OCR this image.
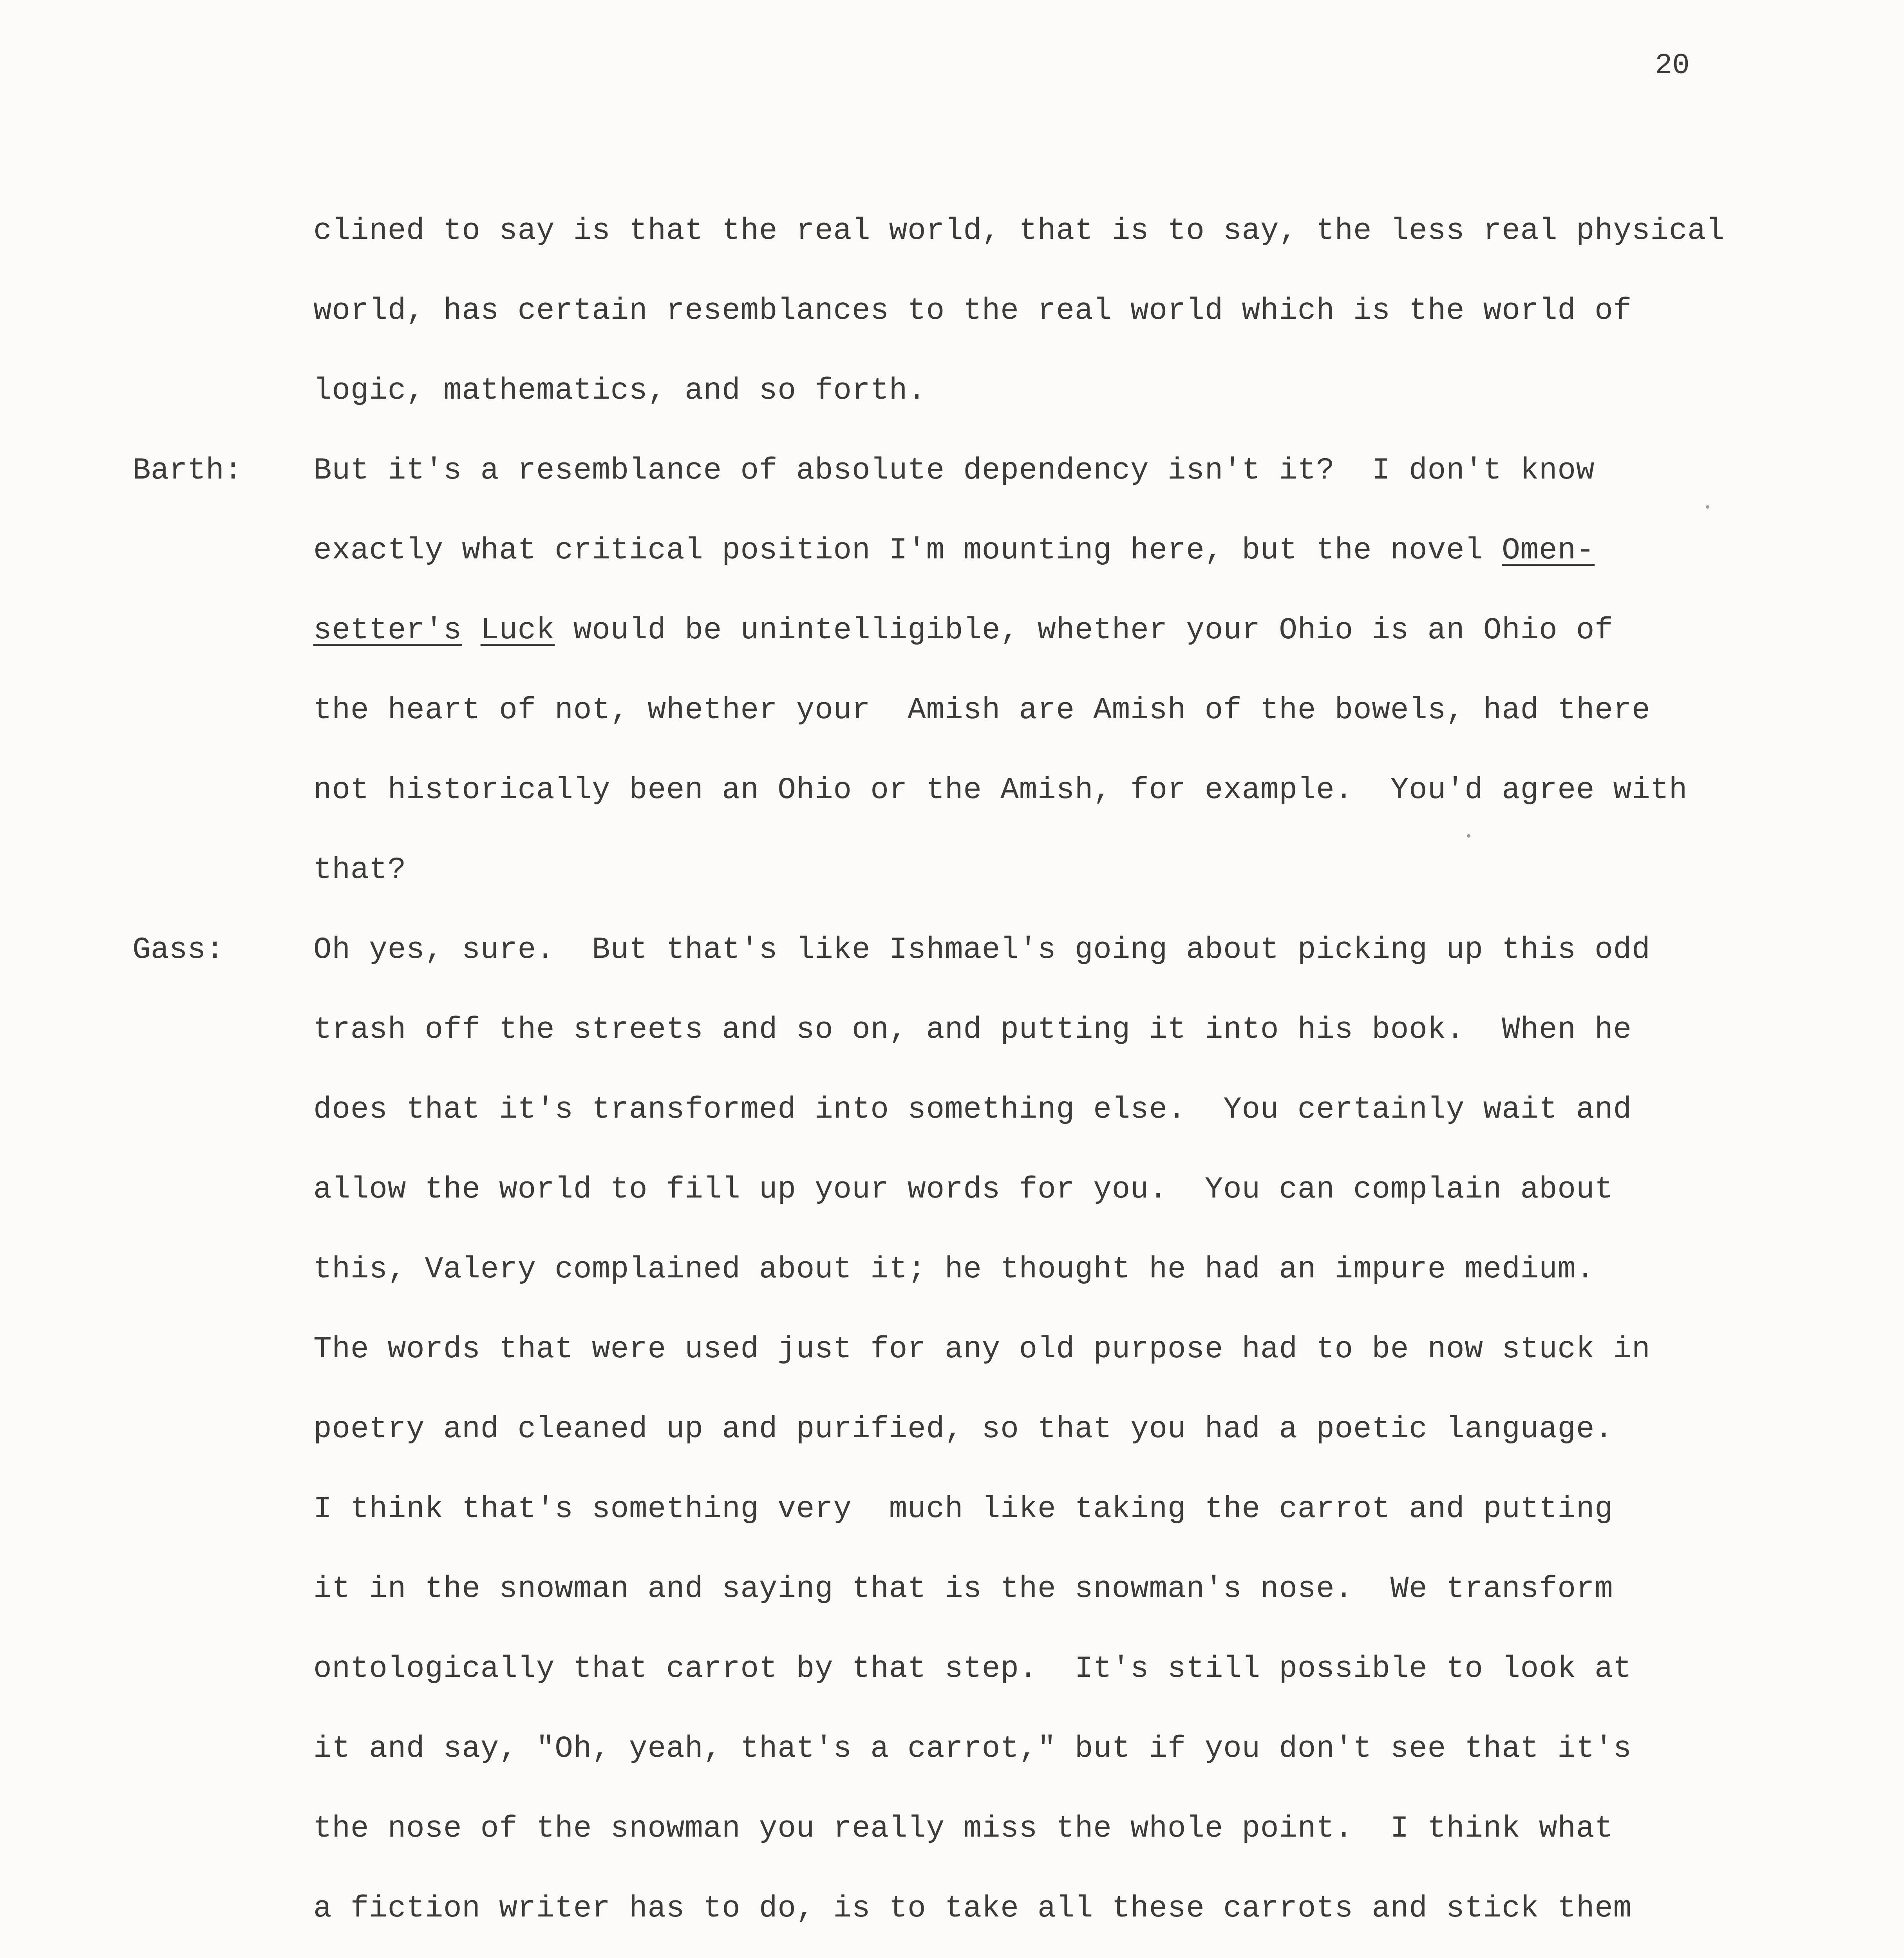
20
clined to say is that the real world, that is to say, the less real physical
world, has certain resemblances to the real world which is the world of
logic, mathematics, and so forth.
Barth: But it's a resemblance of absolute dependency isn't it?  I don't know
exactly what critical position I'm mounting here, but the novel Omen-
setter's Luck would be unintelligible, whether your Ohio is an Ohio of
the heart of not, whether your  Amish are Amish of the bowels, had there
not historically been an Ohio or the Amish, for example.  You'd agree with
that?
Gass:	Oh yes, sure.  But that's like Ishmael's going about picking up this odd
trash off the streets and so on, and putting it into his book.  When he
does that it's transformed into something else.  You certainly wait and
allow the world to fill up your words for you.  You can complain about
this, Valery complained about it; he thought he had an impure medium.
The words that were used just for any old purpose had to be now stuck in
poetry and cleaned up and purified, so that you had a poetic language.
I think that's something very  much like taking the carrot and putting
it in the snowman and saying that is the snowman's nose.  We transform
ontologically that carrot by that step.  It's still possible to look at
it and say, "Oh, yeah, that's a carrot," but if you don't see that it's
the nose of the snowman you really miss the whole point.  I think what
a fiction writer has to do, is to take all these carrots and stick them
